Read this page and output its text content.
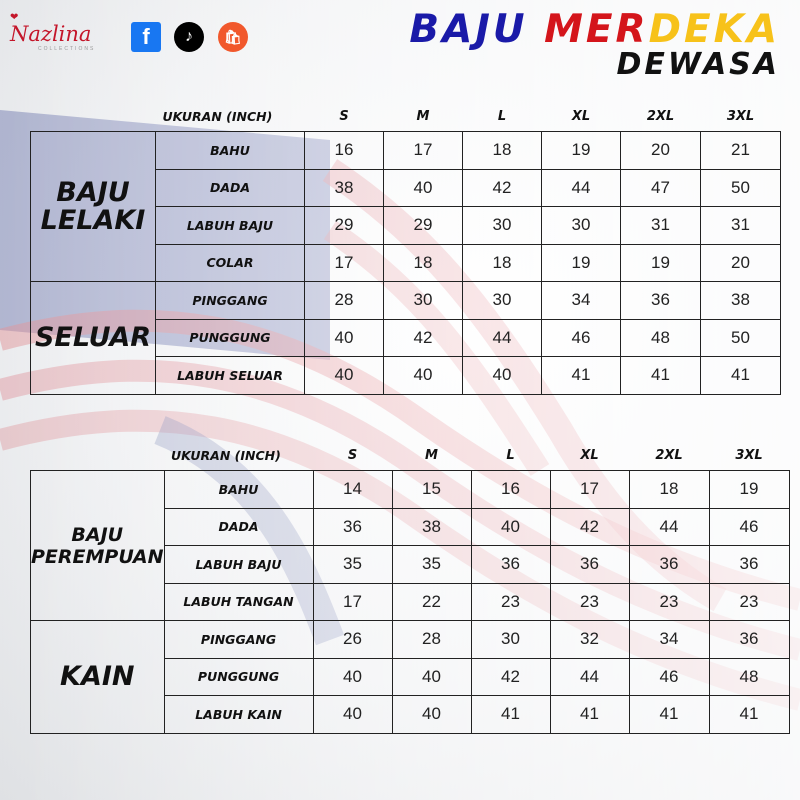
❤
Nazlina
COLLECTIONS	f	♪	🛍	BAJU MERDEKA
DEWASA
	UKURAN (INCH)	S	M	L	XL	2XL	3XL
BAJU LELAKI	BAHU	16	17	18	19	20	21
	DADA	38	40	42	44	47	50
	LABUH BAJU	29	29	30	30	31	31
	COLAR	17	18	18	19	19	20
SELUAR	PINGGANG	28	30	30	34	36	38
	PUNGGUNG	40	42	44	46	48	50
	LABUH SELUAR	40	40	40	41	41	41
	UKURAN (INCH)	S	M	L	XL	2XL	3XL
BAJU PEREMPUAN	BAHU	14	15	16	17	18	19
	DADA	36	38	40	42	44	46
	LABUH BAJU	35	35	36	36	36	36
	LABUH TANGAN	17	22	23	23	23	23
KAIN	PINGGANG	26	28	30	32	34	36
	PUNGGUNG	40	40	42	44	46	48
	LABUH KAIN	40	40	41	41	41	41
